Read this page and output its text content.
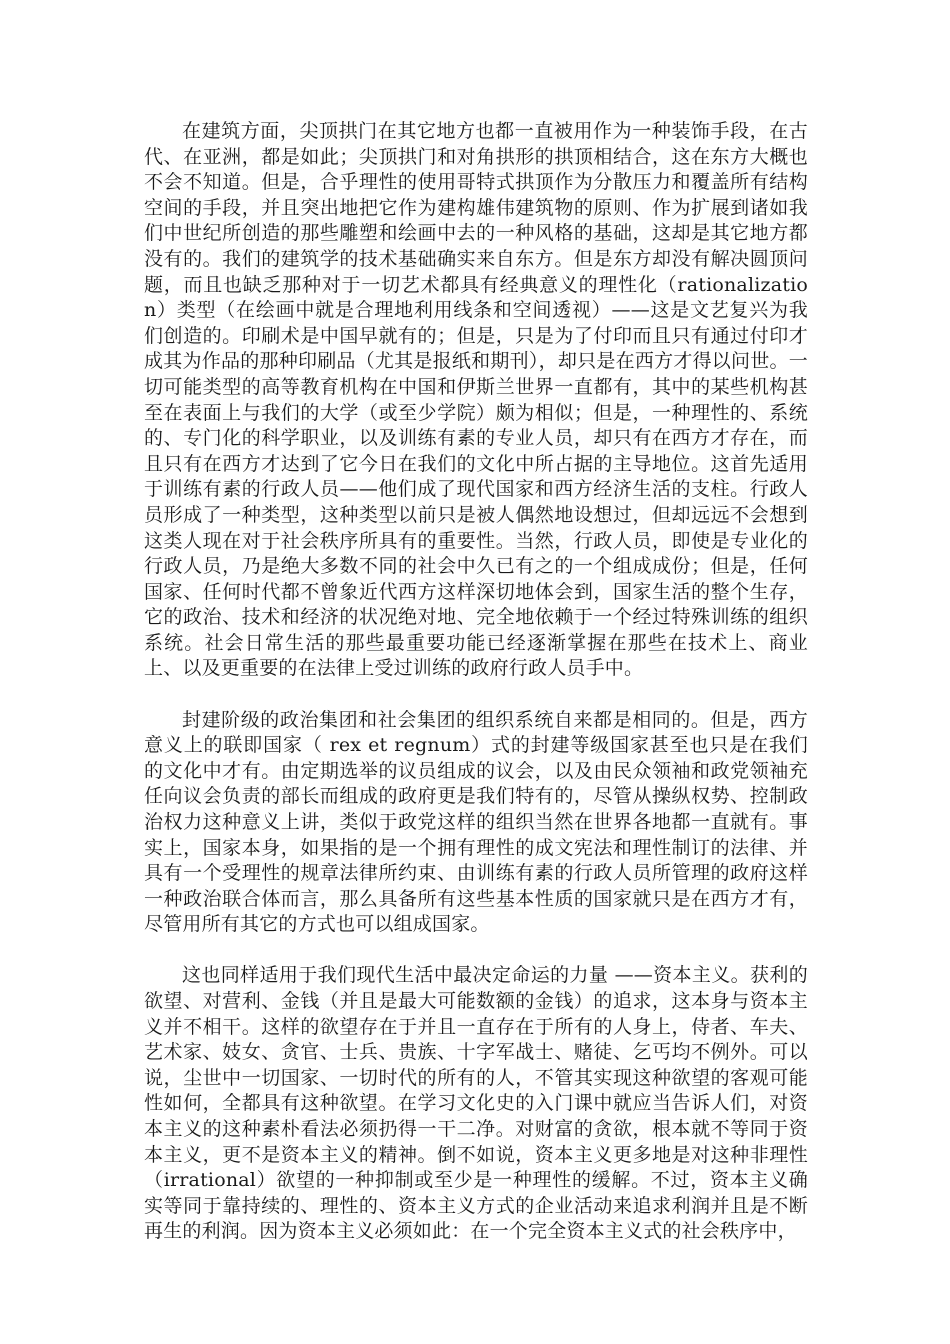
在建筑方面，尖顶拱门在其它地方也都一直被用作为一种装饰手段，在古代、在亚洲，都是如此；尖顶拱门和对角拱形的拱顶相结合，这在东方大概也不会不知道。但是，合乎理性的使用哥特式拱顶作为分散压力和覆盖所有结构空间的手段，并且突出地把它作为建构雄伟建筑物的原则、作为扩展到诸如我们中世纪所创造的那些雕塑和绘画中去的一种风格的基础，这却是其它地方都没有的。我们的建筑学的技术基础确实来自东方。但是东方却没有解决圆顶问题，而且也缺乏那种对于一切艺术都具有经典意义的理性化（rationalization）类型（在绘画中就是合理地利用线条和空间透视）——这是文艺复兴为我们创造的。印刷术是中国早就有的；但是，只是为了付印而且只有通过付印才成其为作品的那种印刷品（尤其是报纸和期刊），却只是在西方才得以问世。一切可能类型的高等教育机构在中国和伊斯兰世界一直都有，其中的某些机构甚至在表面上与我们的大学（或至少学院）颇为相似；但是，一种理性的、系统的、专门化的科学职业，以及训练有素的专业人员，却只有在西方才存在，而且只有在西方才达到了它今日在我们的文化中所占据的主导地位。这首先适用于训练有素的行政人员——他们成了现代国家和西方经济生活的支柱。行政人员形成了一种类型，这种类型以前只是被人偶然地设想过，但却远远不会想到这类人现在对于社会秩序所具有的重要性。当然，行政人员，即使是专业化的行政人员，乃是绝大多数不同的社会中久已有之的一个组成成份；但是，任何国家、任何时代都不曾象近代西方这样深切地体会到，国家生活的整个生存，它的政治、技术和经济的状况绝对地、完全地依赖于一个经过特殊训练的组织系统。社会日常生活的那些最重要功能已经逐渐掌握在那些在技术上、商业上、以及更重要的在法律上受过训练的政府行政人员手中。

封建阶级的政治集团和社会集团的组织系统自来都是相同的。但是，西方意义上的联即国家（ rex et regnum）式的封建等级国家甚至也只是在我们的文化中才有。由定期选举的议员组成的议会，以及由民众领袖和政党领袖充任向议会负责的部长而组成的政府更是我们特有的，尽管从操纵权势、控制政治权力这种意义上讲，类似于政党这样的组织当然在世界各地都一直就有。事实上，国家本身，如果指的是一个拥有理性的成文宪法和理性制订的法律、并具有一个受理性的规章法律所约束、由训练有素的行政人员所管理的政府这样一种政治联合体而言，那么具备所有这些基本性质的国家就只是在西方才有，尽管用所有其它的方式也可以组成国家。

这也同样适用于我们现代生活中最决定命运的力量 ——资本主义。获利的欲望、对营利、金钱（并且是最大可能数额的金钱）的追求，这本身与资本主义并不相干。这样的欲望存在于并且一直存在于所有的人身上，侍者、车夫、艺术家、妓女、贪官、士兵、贵族、十字军战士、赌徒、乞丐均不例外。可以说，尘世中一切国家、一切时代的所有的人，不管其实现这种欲望的客观可能性如何，全都具有这种欲望。在学习文化史的入门课中就应当告诉人们，对资本主义的这种素朴看法必须扔得一干二净。对财富的贪欲，根本就不等同于资本主义，更不是资本主义的精神。倒不如说，资本主义更多地是对这种非理性（irrational）欲望的一种抑制或至少是一种理性的缓解。不过，资本主义确实等同于靠持续的、理性的、资本主义方式的企业活动来追求利润并且是不断再生的利润。因为资本主义必须如此：在一个完全资本主义式的社会秩序中，
